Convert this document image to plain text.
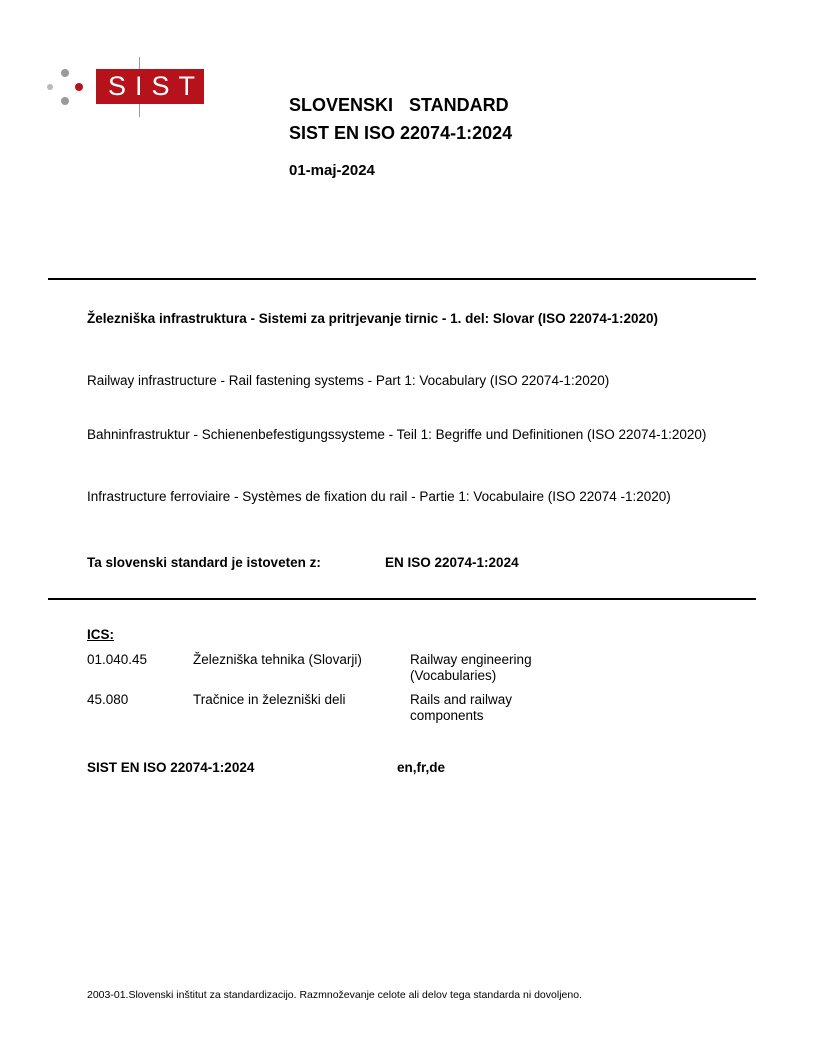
SIST
SLOVENSKI  STANDARD
SIST EN ISO 22074-1:2024
01-maj-2024
Železniška infrastruktura - Sistemi za pritrjevanje tirnic - 1. del: Slovar (ISO 22074-1:2020)
Railway infrastructure - Rail fastening systems - Part 1: Vocabulary (ISO 22074-1:2020)
Bahninfrastruktur - Schienenbefestigungssysteme - Teil 1: Begriffe und Definitionen (ISO 22074-1:2020)
Infrastructure ferroviaire - Systèmes de fixation du rail - Partie 1: Vocabulaire (ISO 22074 -1:2020)
Ta slovenski standard je istoveten z:	EN ISO 22074-1:2024
ICS:
01.040.45	Železniška tehnika (Slovarji)	Railway engineering (Vocabularies)
45.080	Tračnice in železniški deli	Rails and railway components
SIST EN ISO 22074-1:2024	en,fr,de
2003-01.Slovenski inštitut za standardizacijo. Razmnoževanje celote ali delov tega standarda ni dovoljeno.
